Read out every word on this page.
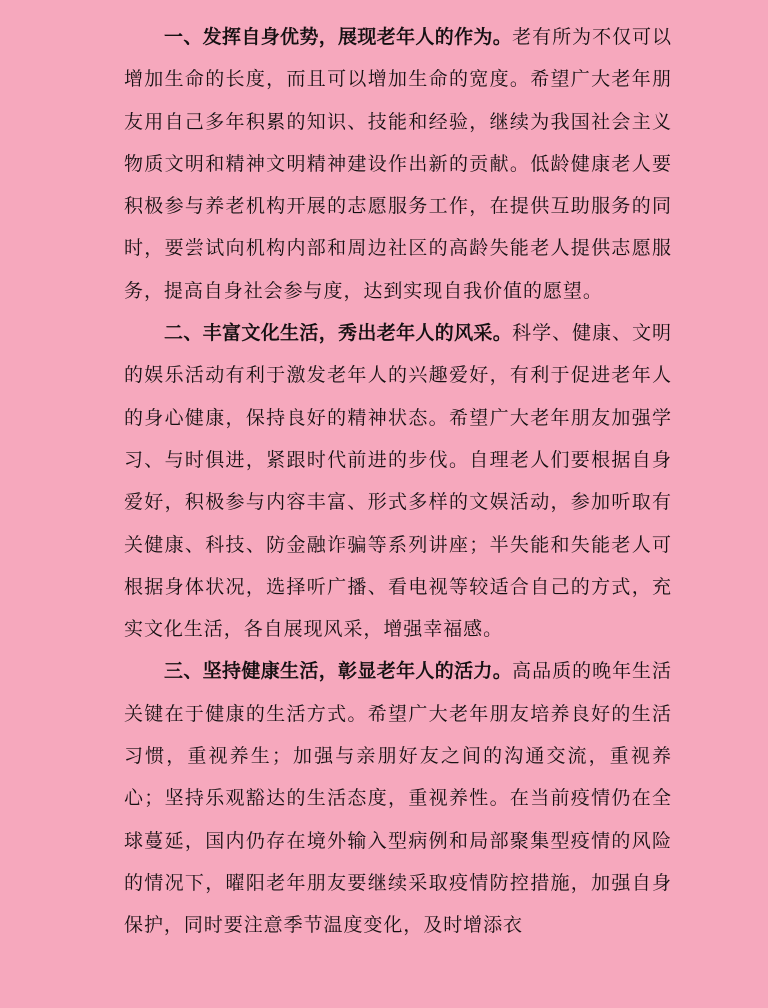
一、发挥自身优势，展现老年人的作为。老有所为不仅可以增加生命的长度，而且可以增加生命的宽度。希望广大老年朋友用自己多年积累的知识、技能和经验，继续为我国社会主义物质文明和精神文明精神建设作出新的贡献。低龄健康老人要积极参与养老机构开展的志愿服务工作，在提供互助服务的同时，要尝试向机构内部和周边社区的高龄失能老人提供志愿服务，提高自身社会参与度，达到实现自我价值的愿望。

二、丰富文化生活，秀出老年人的风采。科学、健康、文明的娱乐活动有利于激发老年人的兴趣爱好，有利于促进老年人的身心健康，保持良好的精神状态。希望广大老年朋友加强学习、与时俱进，紧跟时代前进的步伐。自理老人们要根据自身爱好，积极参与内容丰富、形式多样的文娱活动，参加听取有关健康、科技、防金融诈骗等系列讲座；半失能和失能老人可根据身体状况，选择听广播、看电视等较适合自己的方式，充实文化生活，各自展现风采，增强幸福感。

三、坚持健康生活，彰显老年人的活力。高品质的晚年生活关键在于健康的生活方式。希望广大老年朋友培养良好的生活习惯，重视养生；加强与亲朋好友之间的沟通交流，重视养心；坚持乐观豁达的生活态度，重视养性。在当前疫情仍在全球蔓延，国内仍存在境外输入型病例和局部聚集型疫情的风险的情况下，曜阳老年朋友要继续采取疫情防控措施，加强自身保护，同时要注意季节温度变化，及时增添衣
